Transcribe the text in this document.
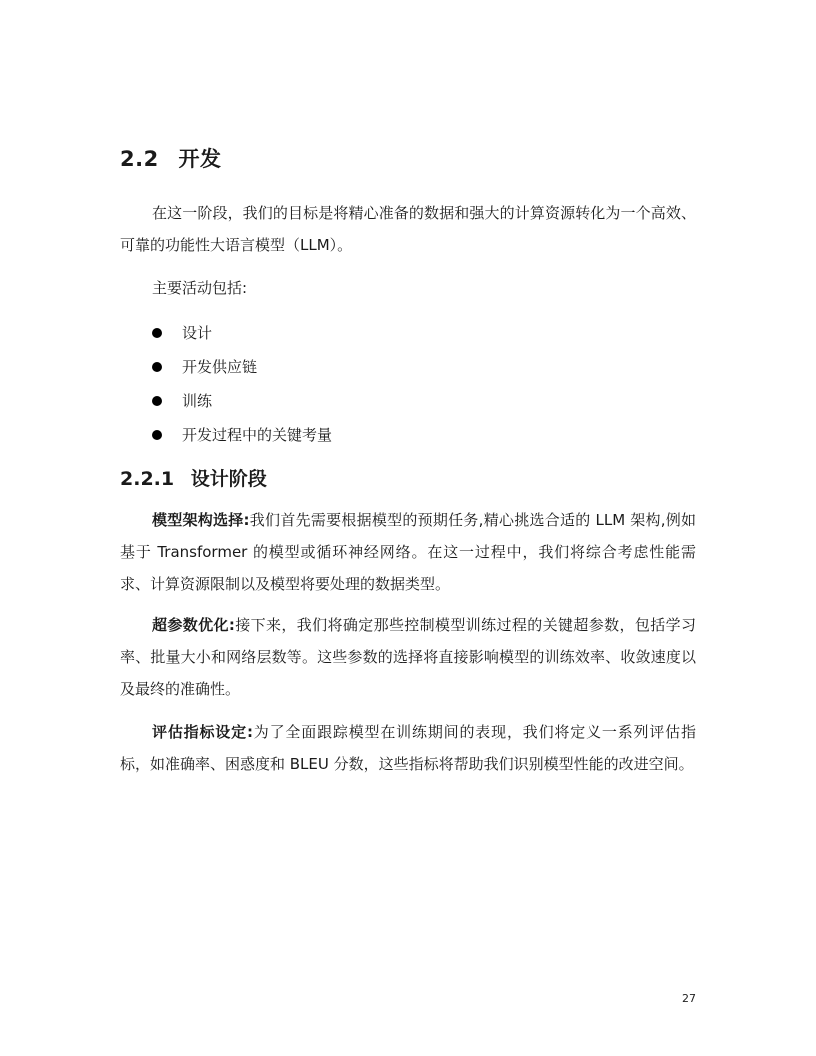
2.2 开发

在这一阶段，我们的目标是将精心准备的数据和强大的计算资源转化为一个高效、可靠的功能性大语言模型（LLM）。

主要活动包括:

设计
开发供应链
训练
开发过程中的关键考量
2.2.1 设计阶段

模型架构选择:我们首先需要根据模型的预期任务,精心挑选合适的 LLM 架构,例如基于 Transformer 的模型或循环神经网络。在这一过程中，我们将综合考虑性能需求、计算资源限制以及模型将要处理的数据类型。

超参数优化:接下来，我们将确定那些控制模型训练过程的关键超参数，包括学习率、批量大小和网络层数等。这些参数的选择将直接影响模型的训练效率、收敛速度以及最终的准确性。

评估指标设定:为了全面跟踪模型在训练期间的表现，我们将定义一系列评估指标，如准确率、困惑度和 BLEU 分数，这些指标将帮助我们识别模型性能的改进空间。

27
